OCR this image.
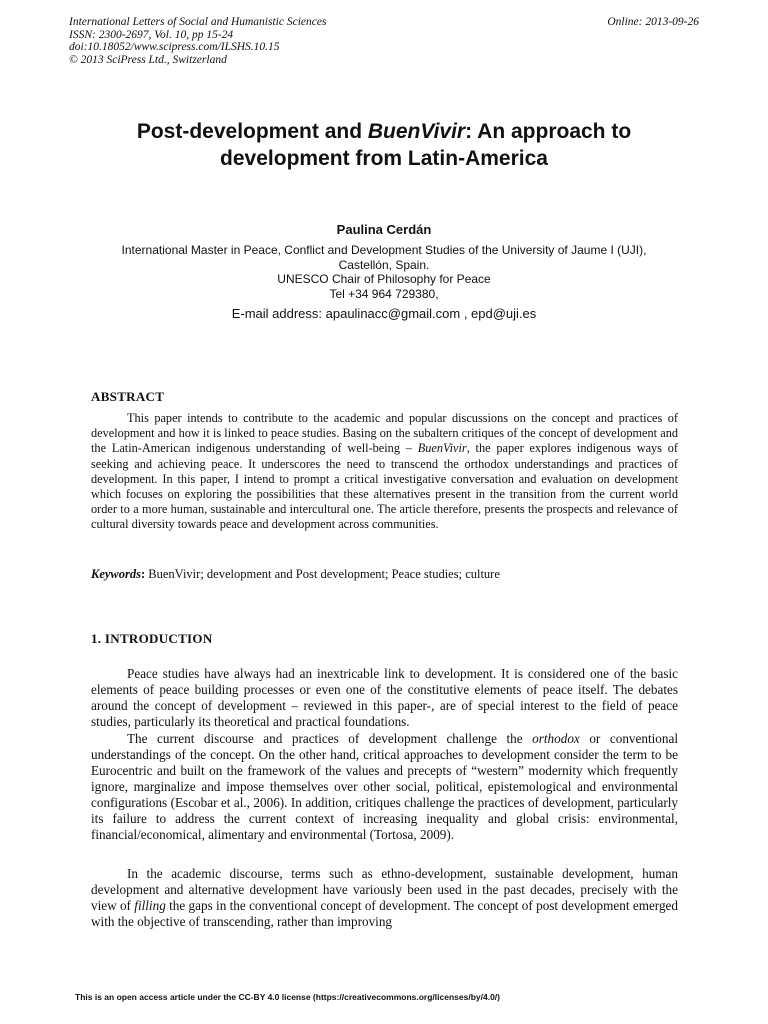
International Letters of Social and Humanistic Sciences
ISSN: 2300-2697, Vol. 10, pp 15-24
doi:10.18052/www.scipress.com/ILSHS.10.15
© 2013 SciPress Ltd., Switzerland
Online: 2013-09-26
Post-development and BuenVivir: An approach to
development from Latin-America
Paulina Cerdán
International Master in Peace, Conflict and Development Studies of the University of Jaume I (UJI),
Castellón, Spain.
UNESCO Chair of Philosophy for Peace
Tel +34 964 729380,
E-mail address: apaulinacc@gmail.com , epd@uji.es
ABSTRACT

This paper intends to contribute to the academic and popular discussions on the concept and practices of development and how it is linked to peace studies. Basing on the subaltern critiques of the concept of development and the Latin-American indigenous understanding of well-being – BuenVivir, the paper explores indigenous ways of seeking and achieving peace. It underscores the need to transcend the orthodox understandings and practices of development. In this paper, I intend to prompt a critical investigative conversation and evaluation on development which focuses on exploring the possibilities that these alternatives present in the transition from the current world order to a more human, sustainable and intercultural one. The article therefore, presents the prospects and relevance of cultural diversity towards peace and development across communities.

Keywords: BuenVivir; development and Post development; Peace studies; culture
1. INTRODUCTION

Peace studies have always had an inextricable link to development. It is considered one of the basic elements of peace building processes or even one of the constitutive elements of peace itself. The debates around the concept of development – reviewed in this paper-, are of special interest to the field of peace studies, particularly its theoretical and practical foundations.

The current discourse and practices of development challenge the orthodox or conventional understandings of the concept. On the other hand, critical approaches to development consider the term to be Eurocentric and built on the framework of the values and precepts of “western” modernity which frequently ignore, marginalize and impose themselves over other social, political, epistemological and environmental configurations (Escobar et al., 2006). In addition, critiques challenge the practices of development, particularly its failure to address the current context of increasing inequality and global crisis: environmental, financial/economical, alimentary and environmental (Tortosa, 2009).

In the academic discourse, terms such as ethno-development, sustainable development, human development and alternative development have variously been used in the past decades, precisely with the view of filling the gaps in the conventional concept of development. The concept of post development emerged with the objective of transcending, rather than improving

This is an open access article under the CC-BY 4.0 license (https://creativecommons.org/licenses/by/4.0/)
